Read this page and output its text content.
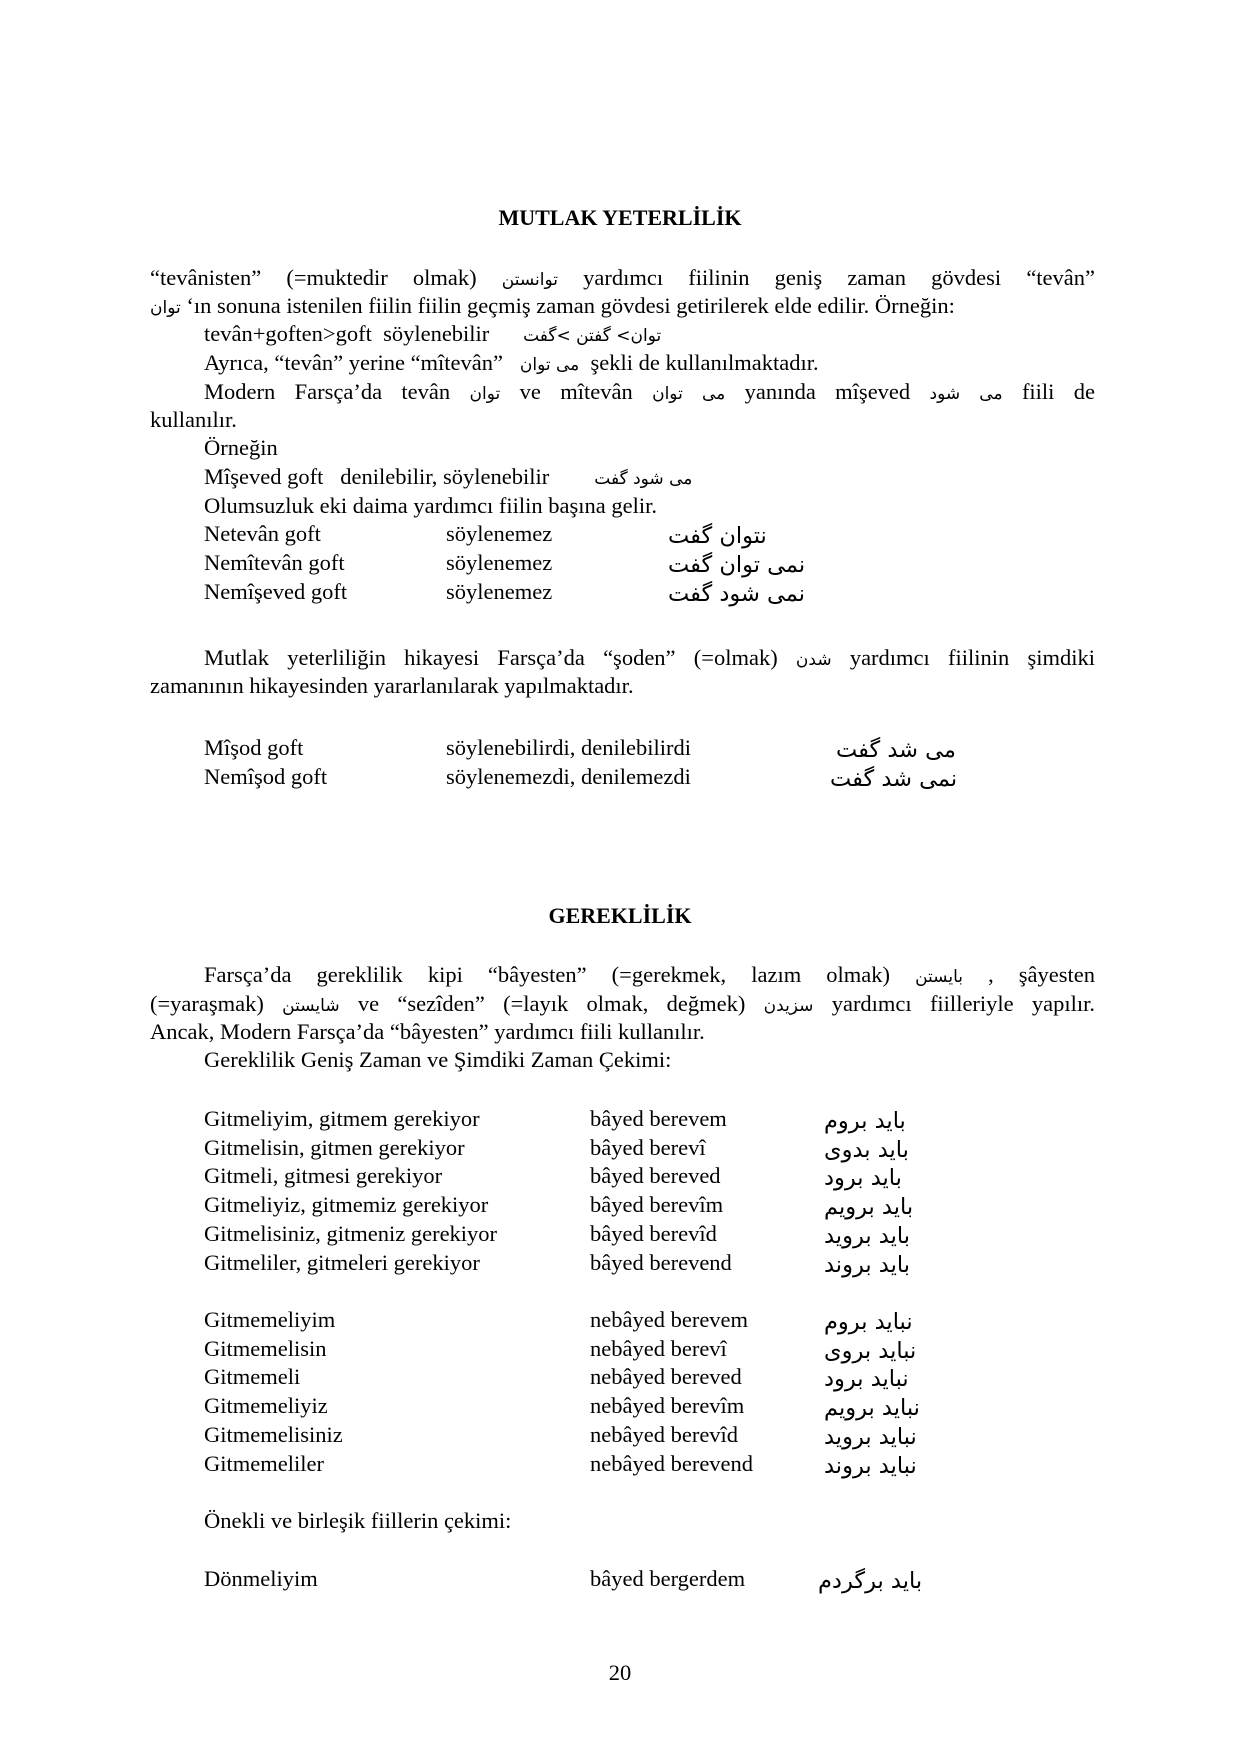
MUTLAK YETERLİLİK
“tevânisten” (=muktedir olmak) توانستن yardımcı fiilinin geniş zaman gövdesi “tevân”
توان ‘ın sonuna istenilen fiilin fiilin geçmiş zaman gövdesi getirilerek elde edilir. Örneğin:
tevân+goften>goft  söylenebilir توان> گفتن >گفت
Ayrıca, “tevân” yerine “mîtevân” می توان şekli de kullanılmaktadır.
Modern Farsça’da tevân توان ve mîtevân می توان yanında mîşeved می شود fiili de
kullanılır.
Örneğin
Mîşeved goft   denilebilir, söylenebilir	می شود گفت
Olumsuzluk eki daima yardımcı fiilin başına gelir.
Netevân goft	söylenemez	نتوان گفت
Nemîtevân goft	söylenemez	نمی توان گفت
Nemîşeved goft	söylenemez	نمی شود گفت
Mutlak yeterliliğin hikayesi Farsça’da “şoden” (=olmak) شدن yardımcı fiilinin şimdiki
zamanının hikayesinden yararlanılarak yapılmaktadır.
Mîşod goft	söylenebilirdi, denilebilirdi	می شد گفت
Nemîşod goft	söylenemezdi, denilemezdi	نمی شد گفت
GEREKLİLİK
Farsça’da gereklilik kipi “bâyesten” (=gerekmek, lazım olmak) بایستن , şâyesten
(=yaraşmak) شایستن ve “sezîden” (=layık olmak, değmek) سزیدن yardımcı fiilleriyle yapılır.
Ancak, Modern Farsça’da “bâyesten” yardımcı fiili kullanılır.
Gereklilik Geniş Zaman ve Şimdiki Zaman Çekimi:
Gitmeliyim, gitmem gerekiyor	bâyed berevem	باید بروم
Gitmelisin, gitmen gerekiyor	bâyed berevî	باید بدوی
Gitmeli, gitmesi gerekiyor	bâyed bereved	باید برود
Gitmeliyiz, gitmemiz gerekiyor	bâyed berevîm	باید برویم
Gitmelisiniz, gitmeniz gerekiyor	bâyed berevîd	باید بروید
Gitmeliler, gitmeleri gerekiyor	bâyed berevend	باید بروند
Gitmemeliyim	nebâyed berevem	نباید بروم
Gitmemelisin	nebâyed berevî	نباید بروی
Gitmemeli	nebâyed bereved	نباید برود
Gitmemeliyiz	nebâyed berevîm	نباید برویم
Gitmemelisiniz	nebâyed berevîd	نباید بروید
Gitmemeliler	nebâyed berevend	نباید بروند
Önekli ve birleşik fiillerin çekimi:
Dönmeliyim	bâyed bergerdem	باید برگردم
20
